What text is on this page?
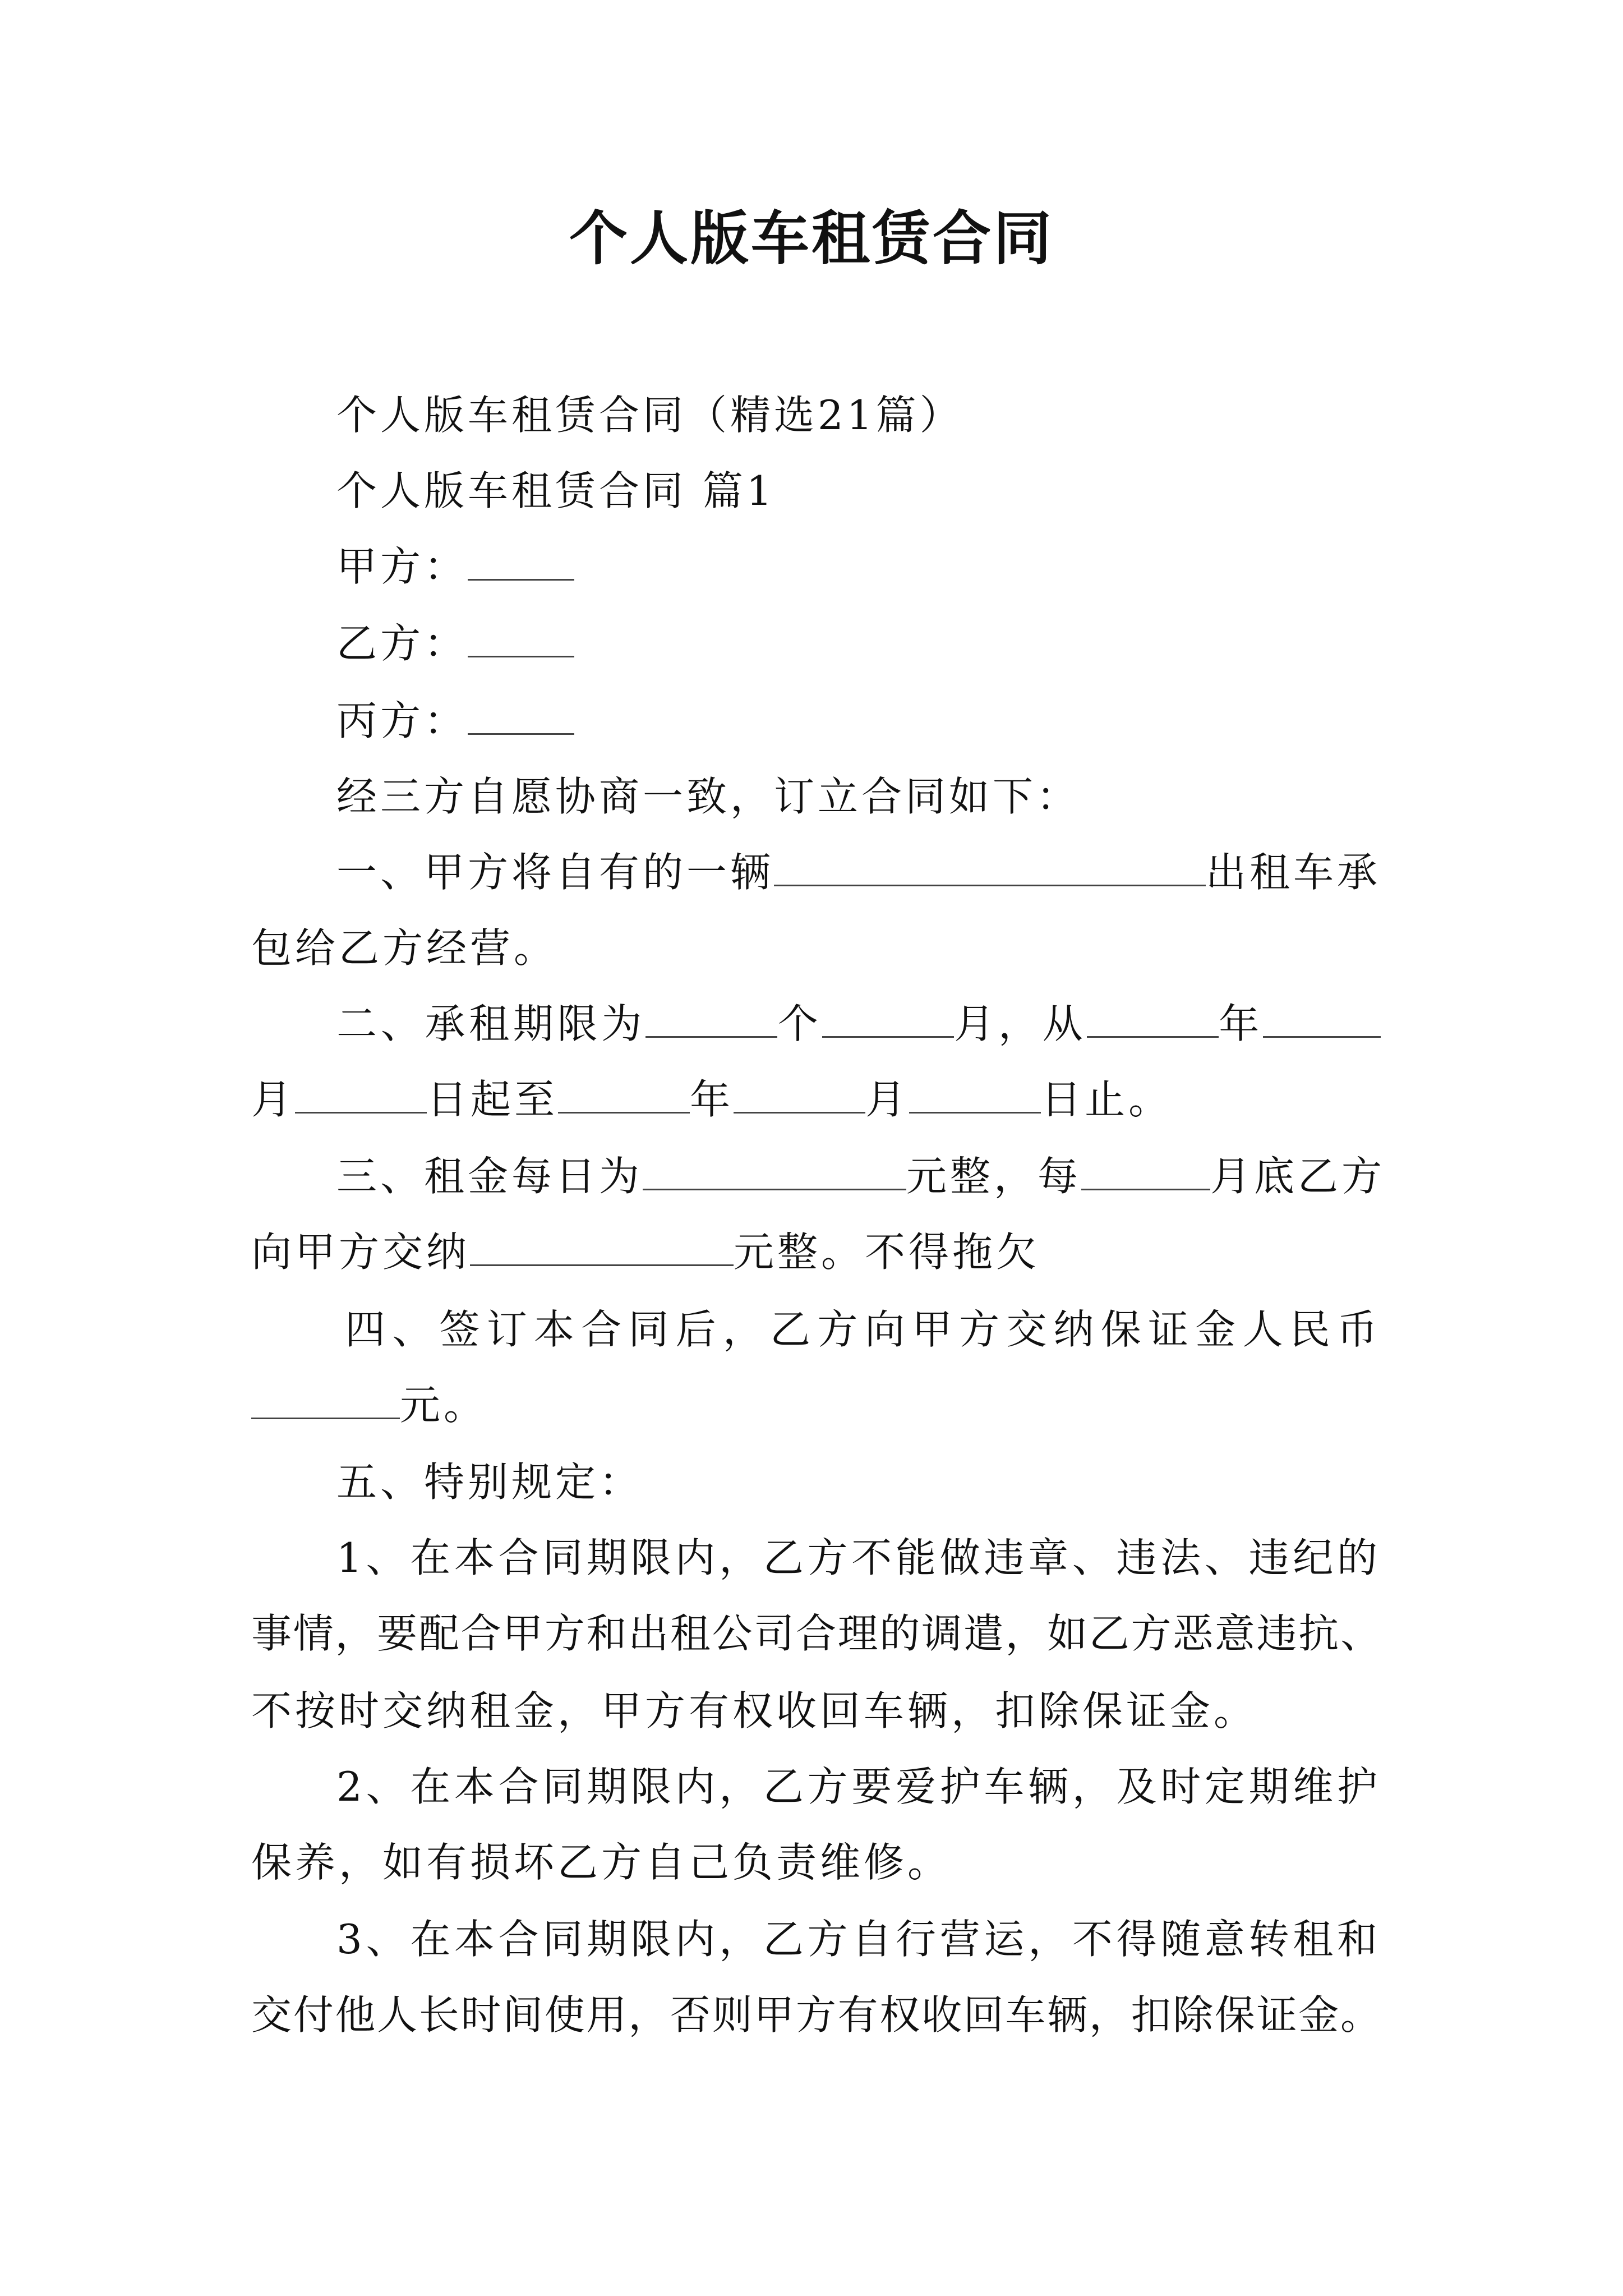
个人版车租赁合同
个人版车租赁合同（精选21篇）
个人版车租赁合同 篇1
甲方：
乙方：
丙方：
经三方自愿协商一致，订立合同如下：
一、甲方将自有的一辆	出租车承
包给乙方经营。
二、承租期限为	个	月，从	年
月	日起至	年	月	日止。
三、租金每日为	元整，每	月底乙方
向甲方交纳	元整。不得拖欠
四、签订本合同后，乙方向甲方交纳保证金人民币
元。
五、特别规定：
1、在本合同期限内，乙方不能做违章、违法、违纪的
事情，要配合甲方和出租公司合理的调遣，如乙方恶意违抗、
不按时交纳租金，甲方有权收回车辆，扣除保证金。
2、在本合同期限内，乙方要爱护车辆，及时定期维护
保养，如有损坏乙方自己负责维修。
3、在本合同期限内，乙方自行营运，不得随意转租和
交付他人长时间使用，否则甲方有权收回车辆，扣除保证金。
